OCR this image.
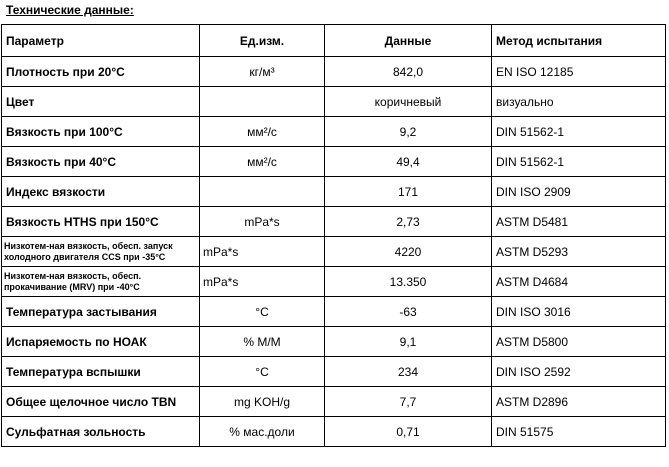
Технические данные:
Параметр	Ед.изм.	Данные	Метод испытания
Плотность при 20°С	кг/м³	842,0	EN ISO 12185
Цвет		коричневый	визуально
Вязкость при 100°С	мм²/с	9,2	DIN 51562-1
Вязкость при 40°С	мм²/с	49,4	DIN 51562-1
Индекс вязкости		171	DIN ISO 2909
Вязкость HTHS при 150°С	mPa*s	2,73	ASTM D5481
Низкотем-ная вязкость, обесп. запуск холодного двигателя CCS при -35°С	mPa*s	4220	ASTM D5293
Низкотем-ная вязкость, обесп. прокачивание (MRV) при -40°С	mPa*s	13.350	ASTM D4684
Температура застывания	°С	-63	DIN ISO 3016
Испаряемость по НОАК	% M/M	9,1	ASTM D5800
Температура вспышки	°С	234	DIN ISO 2592
Общее щелочное число TBN	mg KOH/g	7,7	ASTM D2896
Сульфатная зольность	% мас.доли	0,71	DIN 51575
